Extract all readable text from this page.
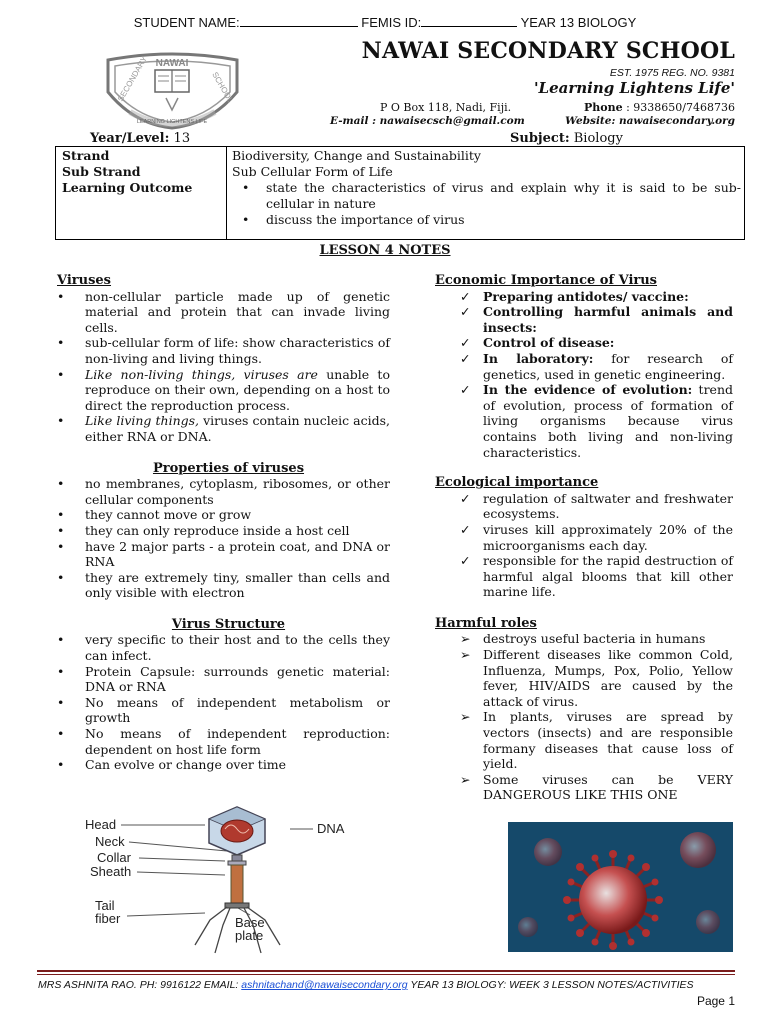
STUDENT NAME:	FEMIS ID:	YEAR 13 BIOLOGY
NAWAI
SECONDARY	SCHOOL
LEARNING LIGHTENS LIFE
NAWAI SECONDARY SCHOOL
EST. 1975 REG. NO. 9381
'Learning Lightens Life'
P O Box 118, Nadi, Fiji.	Phone : 9338650/7468736
E-mail : nawaisecsch@gmail.com	Website: nawaisecondary.org
Year/Level: 13	Subject: Biology
Strand	Biodiversity, Change and Sustainability
Sub Strand	Sub Cellular Form of Life
Learning Outcome	• state the characteristics of virus and explain why it is said to be sub-cellular in nature
• discuss the importance of virus
LESSON 4 NOTES
Viruses
•	non-cellular particle made up of genetic material and protein that can invade living cells.
•	sub-cellular form of life: show characteristics of non-living and living things.
•	Like non-living things, viruses are unable to reproduce on their own, depending on a host to direct the reproduction process.
•	Like living things, viruses contain nucleic acids, either RNA or DNA.
Properties of viruses
•	no membranes, cytoplasm, ribosomes, or other cellular components
•	they cannot move or grow
•	they can only reproduce inside a host cell
•	have 2 major parts - a protein coat, and DNA or RNA
•	they are extremely tiny, smaller than cells and only visible with electron
Virus Structure
•	very specific to their host and to the cells they can infect.
•	Protein Capsule: surrounds genetic material: DNA or RNA
•	No means of independent metabolism or growth
•	No means of independent reproduction: dependent on host life form
•	Can evolve or change over time
Economic Importance of Virus
✓	Preparing antidotes/ vaccine:
✓	Controlling harmful animals and insects:
✓	Control of disease:
✓	In laboratory: for research of genetics, used in genetic engineering.
✓	In the evidence of evolution: trend of evolution, process of formation of living organisms because virus contains both living and non-living characteristics.
Ecological importance
✓	regulation of saltwater and freshwater ecosystems.
✓	viruses kill approximately 20% of the microorganisms each day.
✓	responsible for the rapid destruction of harmful algal blooms that kill other marine life.
Harmful roles
➢	destroys useful bacteria in humans
➢	Different diseases like common Cold, Influenza, Mumps, Pox, Polio, Yellow fever, HIV/AIDS are caused by the attack of virus.
➢	In plants, viruses are spread by vectors (insects) and are responsible formany diseases that cause loss of yield.
➢	Some viruses can be VERY DANGEROUS LIKE THIS ONE
Head
Neck
Collar
Sheath
Tail
fiber
DNA
Base
plate
MRS ASHNITA RAO. PH: 9916122 EMAIL: ashnitachand@nawaisecondary.org YEAR 13 BIOLOGY: WEEK 3 LESSON NOTES/ACTIVITIES
Page 1
